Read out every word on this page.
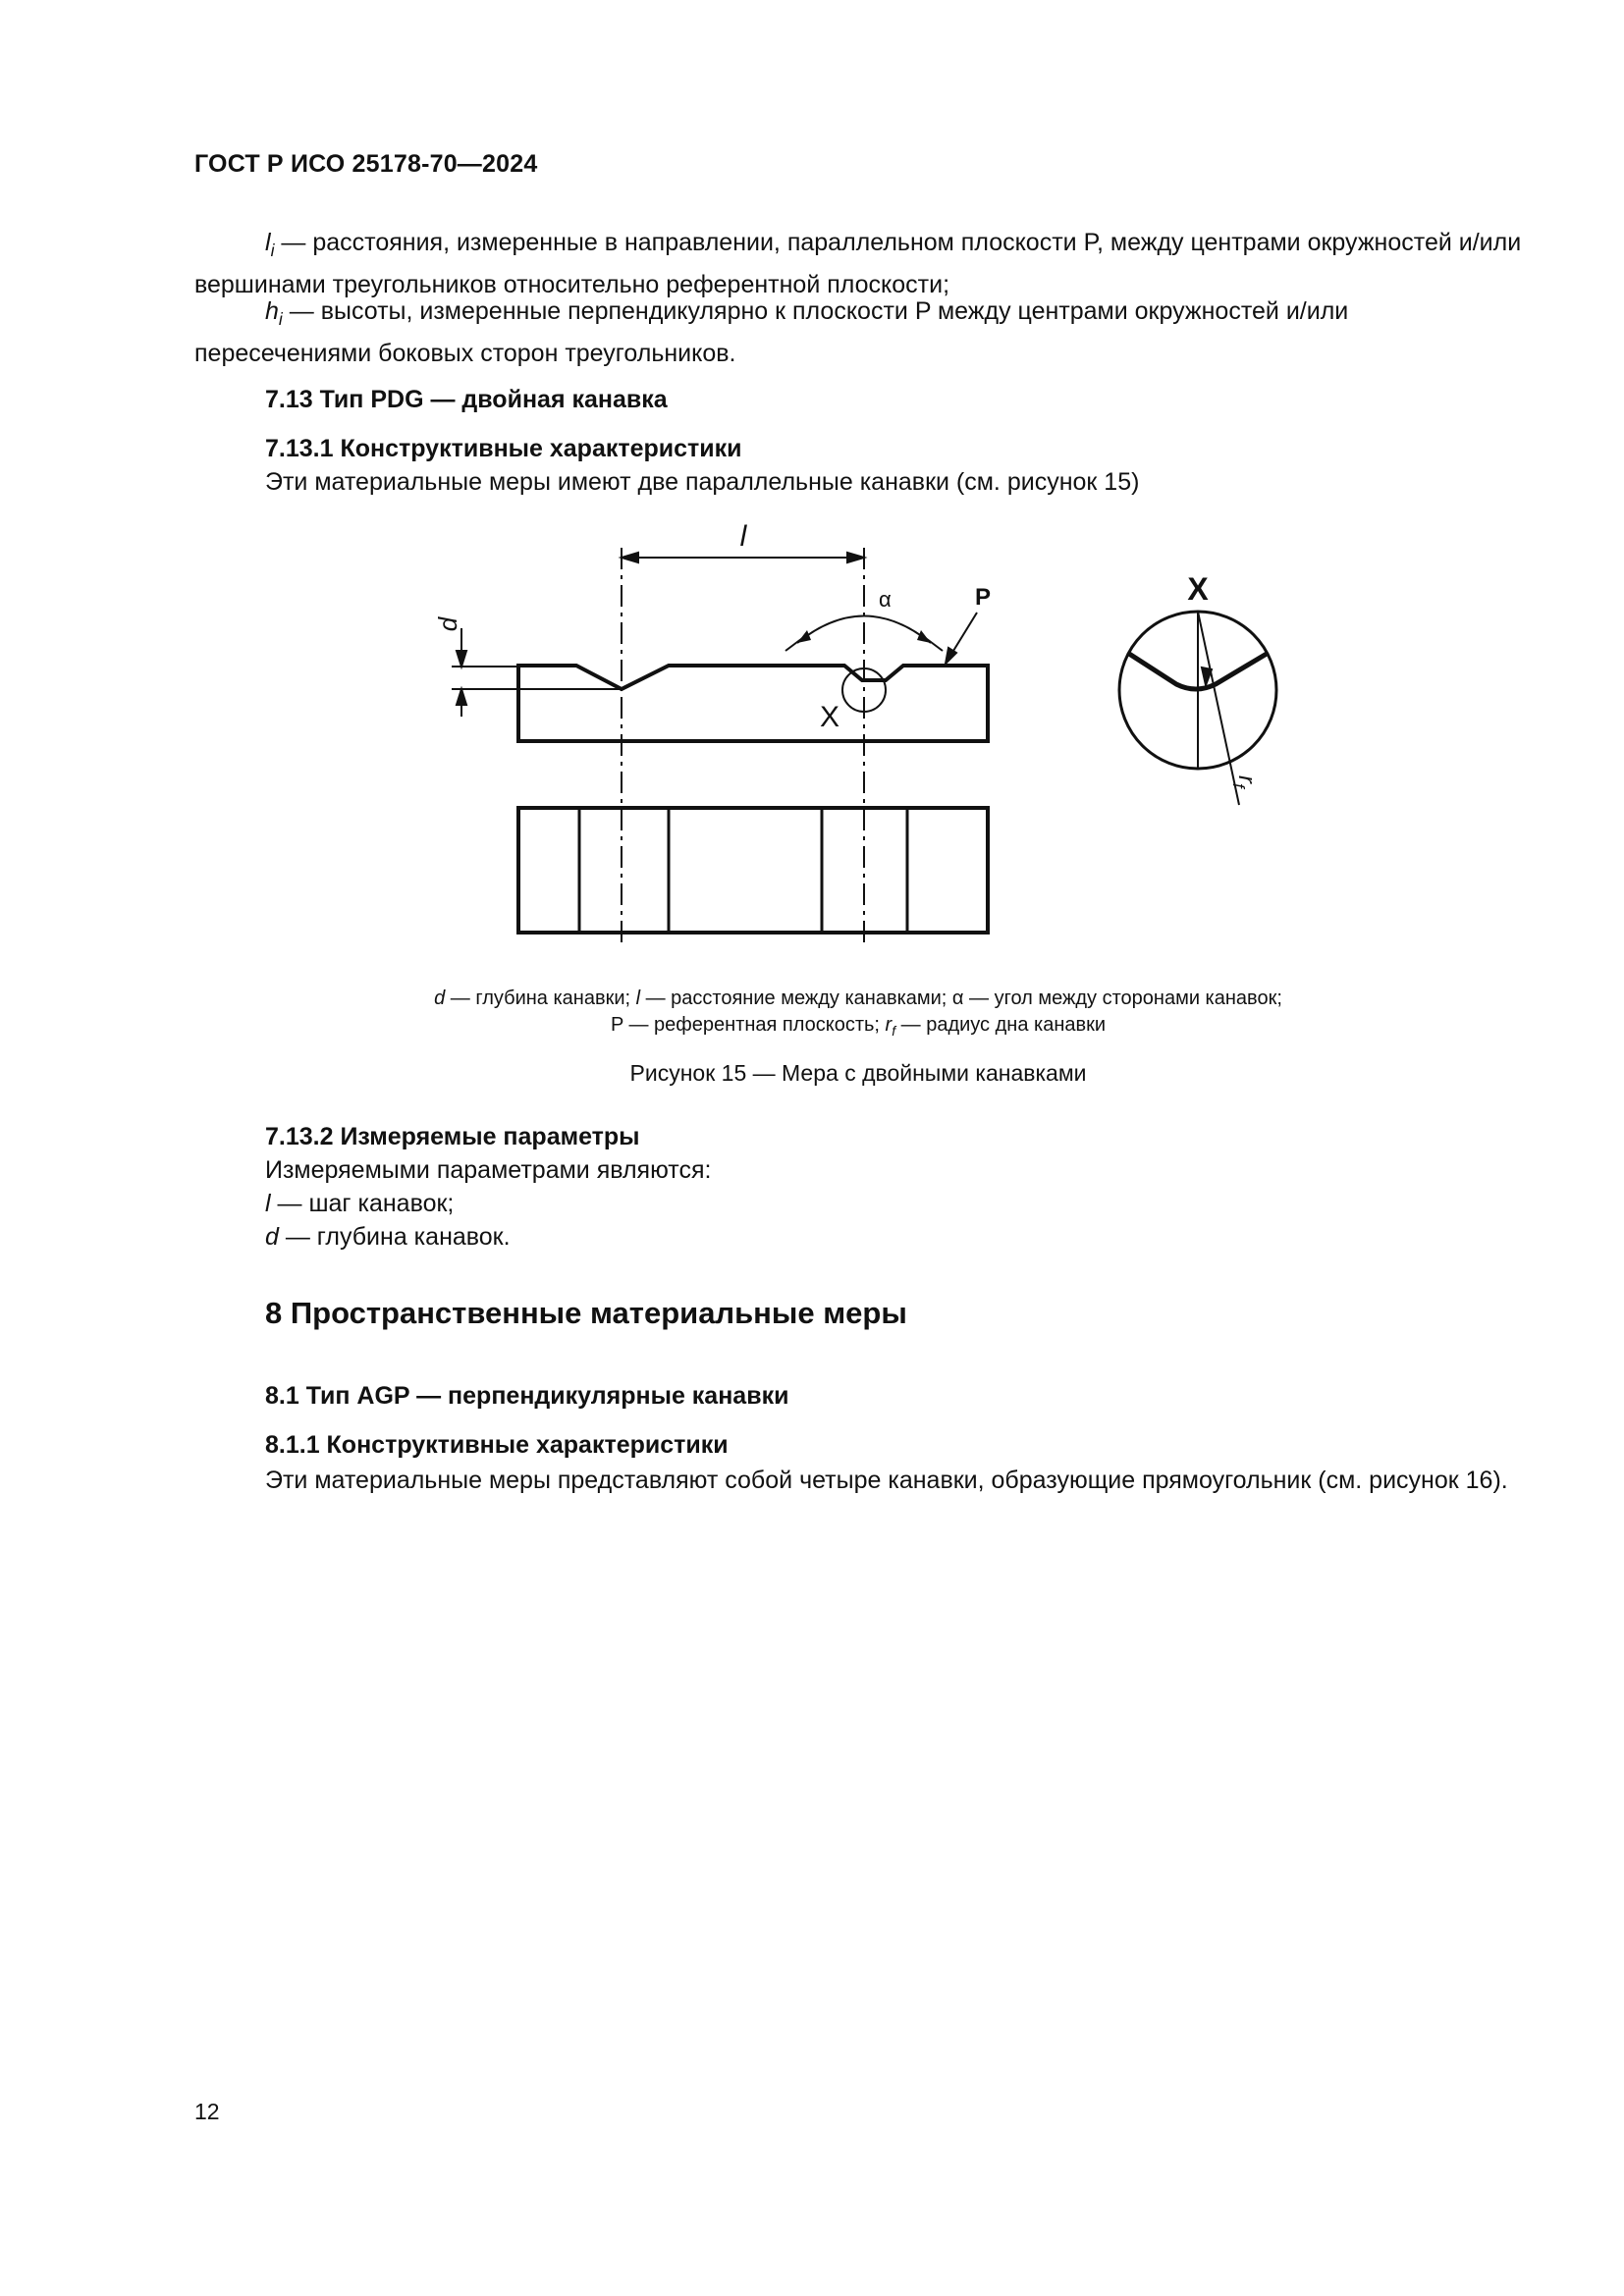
ГОСТ Р ИСО 25178-70—2024
$l_i$ — расстояния, измеренные в направлении, параллельном плоскости P, между центрами окружностей и/или вершинами треугольников относительно референтной плоскости;
$h_i$ — высоты, измеренные перпендикулярно к плоскости P между центрами окружностей и/или пересечениями боковых сторон треугольников.
7.13 Тип PDG — двойная канавка
7.13.1 Конструктивные характеристики
Эти материальные меры имеют две параллельные канавки (см. рисунок 15)
l
d
α	P
X
X
$r_f$
d — глубина канавки; l — расстояние между канавками; α — угол между сторонами канавок;
P — референтная плоскость; $r_f$ — радиус дна канавки
Рисунок 15 — Мера с двойными канавками
7.13.2 Измеряемые параметры
Измеряемыми параметрами являются:
l — шаг канавок;
d — глубина канавок.
8 Пространственные материальные меры
8.1 Тип AGP — перпендикулярные канавки
8.1.1 Конструктивные характеристики
Эти материальные меры представляют собой четыре канавки, образующие прямоугольник (см. рисунок 16).
12
